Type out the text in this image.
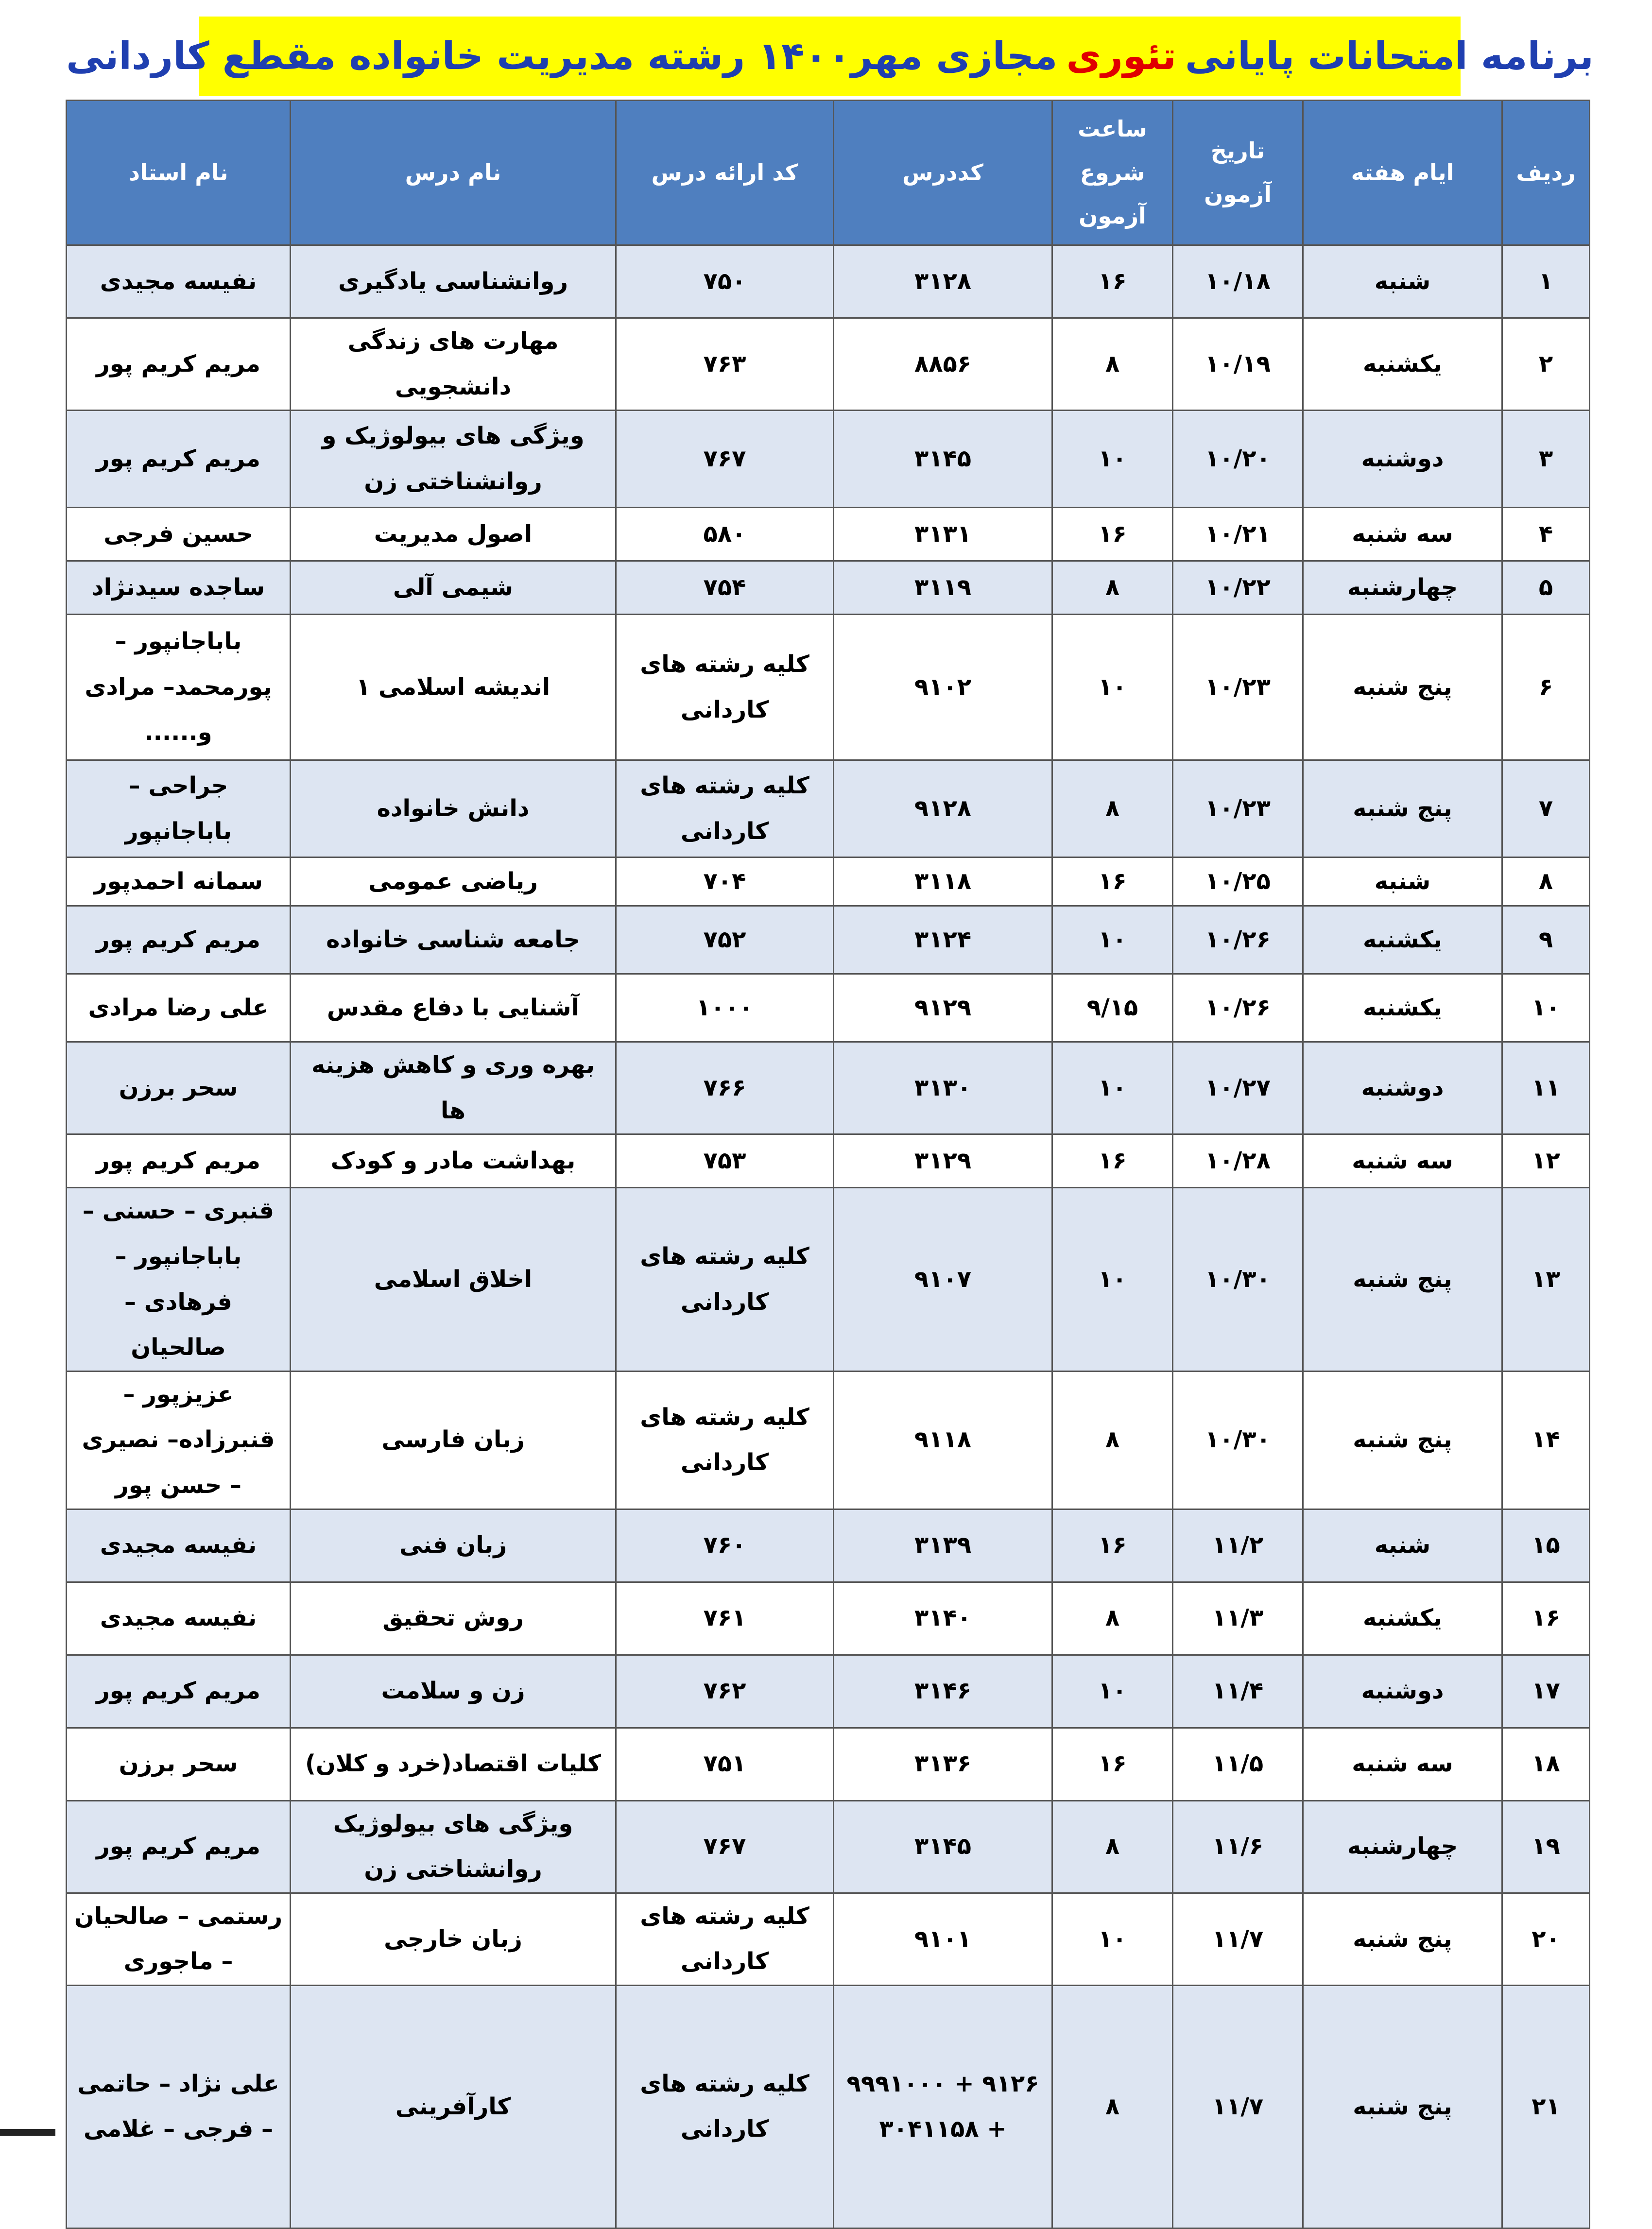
برنامه امتحانات پایانی
تئوری
مجازی مهر۱۴۰۰ رشته مدیریت خانواده مقطع کاردانی
ردیف	ایام هفته	تاریخ آزمون	ساعت شروع آزمون	کددرس	کد ارائه درس	نام درس	نام استاد
۱	شنبه	۱۰/۱۸	۱۶	۳۱۲۸	۷۵۰	روانشناسی یادگیری	نفیسه مجیدی
۲	یکشنبه	۱۰/۱۹	۸	۸۸۵۶	۷۶۳	مهارت های زندگی دانشجویی	مریم کریم پور
۳	دوشنبه	۱۰/۲۰	۱۰	۳۱۴۵	۷۶۷	ویژگی های بیولوژیک و روانشناختی زن	مریم کریم پور
۴	سه شنبه	۱۰/۲۱	۱۶	۳۱۳۱	۵۸۰	اصول مدیریت	حسین فرجی
۵	چهارشنبه	۱۰/۲۲	۸	۳۱۱۹	۷۵۴	شیمی آلی	ساجده سیدنژاد
۶	پنج شنبه	۱۰/۲۳	۱۰	۹۱۰۲	کلیه رشته های کاردانی	اندیشه اسلامی ۱	باباجانپور – پورمحمد– مرادی و......
۷	پنج شنبه	۱۰/۲۳	۸	۹۱۲۸	کلیه رشته های کاردانی	دانش خانواده	جراحی – باباجانپور
۸	شنبه	۱۰/۲۵	۱۶	۳۱۱۸	۷۰۴	ریاضی عمومی	سمانه احمدپور
۹	یکشنبه	۱۰/۲۶	۱۰	۳۱۲۴	۷۵۲	جامعه شناسی خانواده	مریم کریم پور
۱۰	یکشنبه	۱۰/۲۶	۹/۱۵	۹۱۲۹	۱۰۰۰	آشنایی با دفاع مقدس	علی رضا مرادی
۱۱	دوشنبه	۱۰/۲۷	۱۰	۳۱۳۰	۷۶۶	بهره وری و کاهش هزینه ها	سحر برزن
۱۲	سه شنبه	۱۰/۲۸	۱۶	۳۱۲۹	۷۵۳	بهداشت مادر و کودک	مریم کریم پور
۱۳	پنج شنبه	۱۰/۳۰	۱۰	۹۱۰۷	کلیه رشته های کاردانی	اخلاق اسلامی	قنبری – حسنی – باباجانپور – فرهادی – صالحیان
۱۴	پنج شنبه	۱۰/۳۰	۸	۹۱۱۸	کلیه رشته های کاردانی	زبان فارسی	عزیزپور – قنبرزاده– نصیری – حسن پور
۱۵	شنبه	۱۱/۲	۱۶	۳۱۳۹	۷۶۰	زبان فنی	نفیسه مجیدی
۱۶	یکشنبه	۱۱/۳	۸	۳۱۴۰	۷۶۱	روش تحقیق	نفیسه مجیدی
۱۷	دوشنبه	۱۱/۴	۱۰	۳۱۴۶	۷۶۲	زن و سلامت	مریم کریم پور
۱۸	سه شنبه	۱۱/۵	۱۶	۳۱۳۶	۷۵۱	کلیات اقتصاد(خرد و کلان)	سحر برزن
۱۹	چهارشنبه	۱۱/۶	۸	۳۱۴۵	۷۶۷	ویژگی های بیولوژیک روانشناختی زن	مریم کریم پور
۲۰	پنج شنبه	۱۱/۷	۱۰	۹۱۰۱	کلیه رشته های کاردانی	زبان خارجی	رستمی – صالحیان – ماجوری
۲۱	پنج شنبه	۱۱/۷	۸	۹۱۲۶ + ۹۹۹۱۰۰۰ + ۳۰۴۱۱۵۸	کلیه رشته های کاردانی	کارآفرینی	علی نژاد – حاتمی – فرجی – غلامی
